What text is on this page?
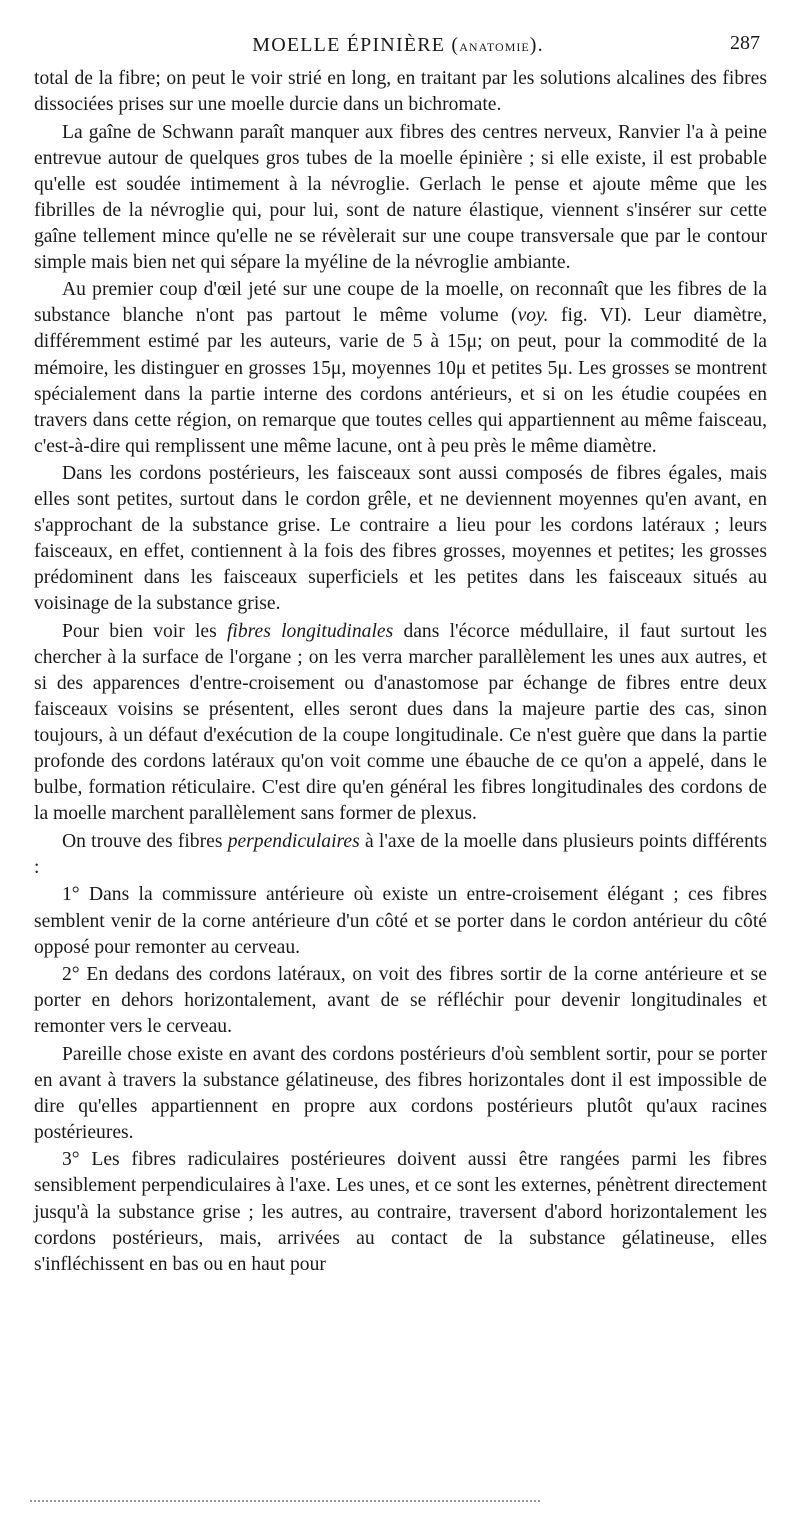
MOELLE ÉPINIÈRE (anatomie).	287

total de la fibre; on peut le voir strié en long, en traitant par les solutions alcalines des fibres dissociées prises sur une moelle durcie dans un bichromate.

La gaîne de Schwann paraît manquer aux fibres des centres nerveux, Ranvier l'a à peine entrevue autour de quelques gros tubes de la moelle épinière ; si elle existe, il est probable qu'elle est soudée intimement à la névroglie. Gerlach le pense et ajoute même que les fibrilles de la névroglie qui, pour lui, sont de nature élastique, viennent s'insérer sur cette gaîne tellement mince qu'elle ne se révèlerait sur une coupe transversale que par le contour simple mais bien net qui sépare la myéline de la névroglie ambiante.

Au premier coup d'œil jeté sur une coupe de la moelle, on reconnaît que les fibres de la substance blanche n'ont pas partout le même volume (voy. fig. VI). Leur diamètre, différemment estimé par les auteurs, varie de 5 à 15μ; on peut, pour la commodité de la mémoire, les distinguer en grosses 15μ, moyennes 10μ et petites 5μ. Les grosses se montrent spécialement dans la partie interne des cordons antérieurs, et si on les étudie coupées en travers dans cette région, on remarque que toutes celles qui appartiennent au même faisceau, c'est-à-dire qui remplissent une même lacune, ont à peu près le même diamètre.

Dans les cordons postérieurs, les faisceaux sont aussi composés de fibres égales, mais elles sont petites, surtout dans le cordon grêle, et ne deviennent moyennes qu'en avant, en s'approchant de la substance grise. Le contraire a lieu pour les cordons latéraux ; leurs faisceaux, en effet, contiennent à la fois des fibres grosses, moyennes et petites; les grosses prédominent dans les faisceaux superficiels et les petites dans les faisceaux situés au voisinage de la substance grise.

Pour bien voir les fibres longitudinales dans l'écorce médullaire, il faut surtout les chercher à la surface de l'organe ; on les verra marcher parallèlement les unes aux autres, et si des apparences d'entre-croisement ou d'anastomose par échange de fibres entre deux faisceaux voisins se présentent, elles seront dues dans la majeure partie des cas, sinon toujours, à un défaut d'exécution de la coupe longitudinale. Ce n'est guère que dans la partie profonde des cordons latéraux qu'on voit comme une ébauche de ce qu'on a appelé, dans le bulbe, formation réticulaire. C'est dire qu'en général les fibres longitudinales des cordons de la moelle marchent parallèlement sans former de plexus.

On trouve des fibres perpendiculaires à l'axe de la moelle dans plusieurs points différents :

1° Dans la commissure antérieure où existe un entre-croisement élégant ; ces fibres semblent venir de la corne antérieure d'un côté et se porter dans le cordon antérieur du côté opposé pour remonter au cerveau.

2° En dedans des cordons latéraux, on voit des fibres sortir de la corne antérieure et se porter en dehors horizontalement, avant de se réfléchir pour devenir longitudinales et remonter vers le cerveau.

Pareille chose existe en avant des cordons postérieurs d'où semblent sortir, pour se porter en avant à travers la substance gélatineuse, des fibres horizontales dont il est impossible de dire qu'elles appartiennent en propre aux cordons postérieurs plutôt qu'aux racines postérieures.

3° Les fibres radiculaires postérieures doivent aussi être rangées parmi les fibres sensiblement perpendiculaires à l'axe. Les unes, et ce sont les externes, pénètrent directement jusqu'à la substance grise ; les autres, au contraire, traversent d'abord horizontalement les cordons postérieurs, mais, arrivées au contact de la substance gélatineuse, elles s'infléchissent en bas ou en haut pour
